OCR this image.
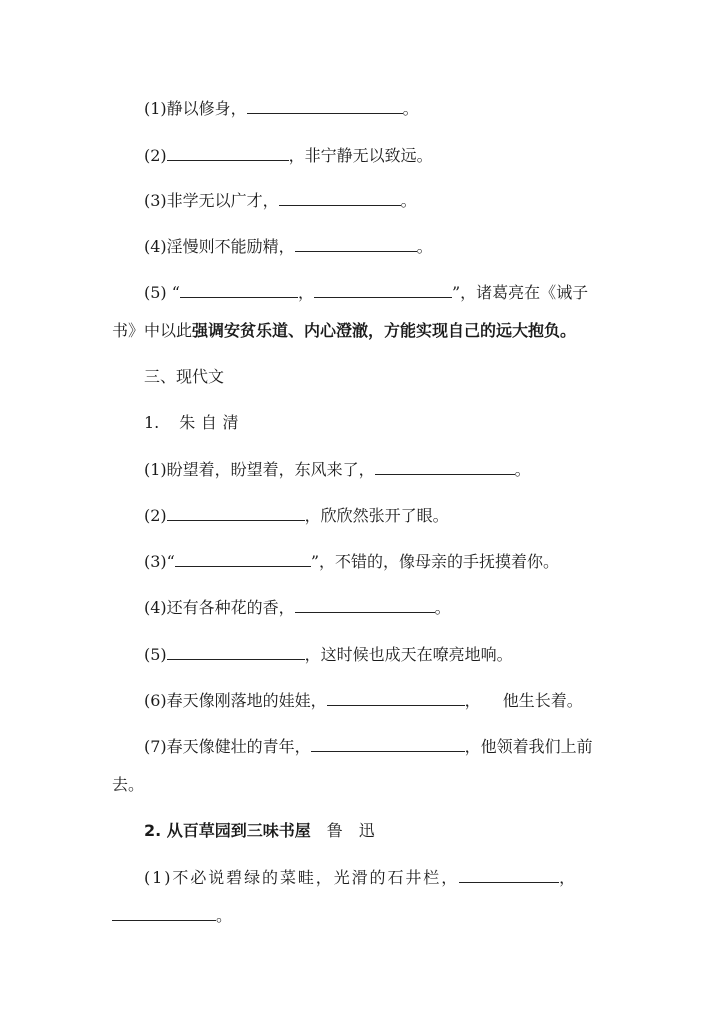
(1)静以修身，	。
(2)	，非宁静无以致远。
(3)非学无以广才，	。
(4)淫慢则不能励精，	。
(5) “	，	”，诸葛亮在《诫子
书》中以此强调安贫乐道、内心澄澈，方能实现自己的远大抱负。
三、现代文
1. 朱自清
(1)盼望着，盼望着，东风来了，	。
(2)	，欣欣然张开了眼。
(3)“	”，不错的，像母亲的手抚摸着你。
(4)还有各种花的香，	。
(5)	，这时候也成天在嘹亮地响。
(6)春天像刚落地的娃娃，	， 他生长着。
(7)春天像健壮的青年，	，他领着我们上前
去。
2. 从百草园到三味书屋 鲁　迅
(1)不必说碧绿的菜畦，光滑的石井栏，	，
。
